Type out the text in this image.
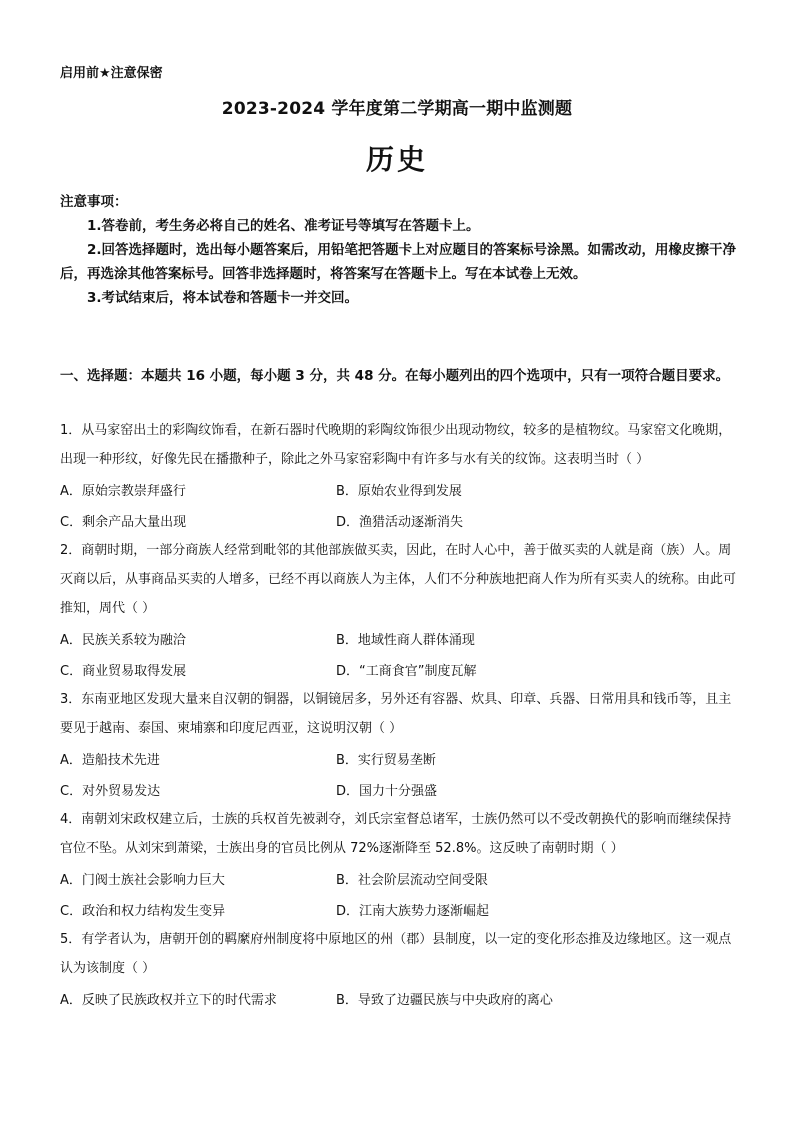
启用前★注意保密
2023-2024 学年度第二学期高一期中监测题
历史

注意事项：

1.答卷前，考生务必将自己的姓名、准考证号等填写在答题卡上。

2.回答选择题时，选出每小题答案后，用铅笔把答题卡上对应题目的答案标号涂黑。如需改动，用橡皮擦干净后，再选涂其他答案标号。回答非选择题时，将答案写在答题卡上。写在本试卷上无效。

3.考试结束后，将本试卷和答题卡一并交回。

一、选择题：本题共 16 小题，每小题 3 分，共 48 分。在每小题列出的四个选项中，只有一项符合题目要求。

1．从马家窑出土的彩陶纹饰看，在新石器时代晚期的彩陶纹饰很少出现动物纹，较多的是植物纹。马家窑文化晚期，出现一种形纹，好像先民在播撒种子，除此之外马家窑彩陶中有许多与水有关的纹饰。这表明当时（ ）

A．原始宗教崇拜盛行	B．原始农业得到发展
C．剩余产品大量出现	D．渔猎活动逐渐消失

2．商朝时期，一部分商族人经常到毗邻的其他部族做买卖，因此，在时人心中，善于做买卖的人就是商（族）人。周灭商以后，从事商品买卖的人增多，已经不再以商族人为主体，人们不分种族地把商人作为所有买卖人的统称。由此可推知，周代（ ）

A．民族关系较为融洽	B．地域性商人群体涌现
C．商业贸易取得发展	D．“工商食官”制度瓦解

3．东南亚地区发现大量来自汉朝的铜器，以铜镜居多，另外还有容器、炊具、印章、兵器、日常用具和钱币等，且主要见于越南、泰国、柬埔寨和印度尼西亚，这说明汉朝（ ）

A．造船技术先进	B．实行贸易垄断
C．对外贸易发达	D．国力十分强盛

4．南朝刘宋政权建立后，士族的兵权首先被剥夺，刘氏宗室督总诸军，士族仍然可以不受改朝换代的影响而继续保持官位不坠。从刘宋到萧梁，士族出身的官员比例从 72%逐渐降至 52.8%。这反映了南朝时期（ ）

A．门阀士族社会影响力巨大	B．社会阶层流动空间受限
C．政治和权力结构发生变异	D．江南大族势力逐渐崛起

5．有学者认为，唐朝开创的羁縻府州制度将中原地区的州（郡）县制度，以一定的变化形态推及边缘地区。这一观点认为该制度（ ）

A．反映了民族政权并立下的时代需求	B．导致了边疆民族与中央政府的离心
